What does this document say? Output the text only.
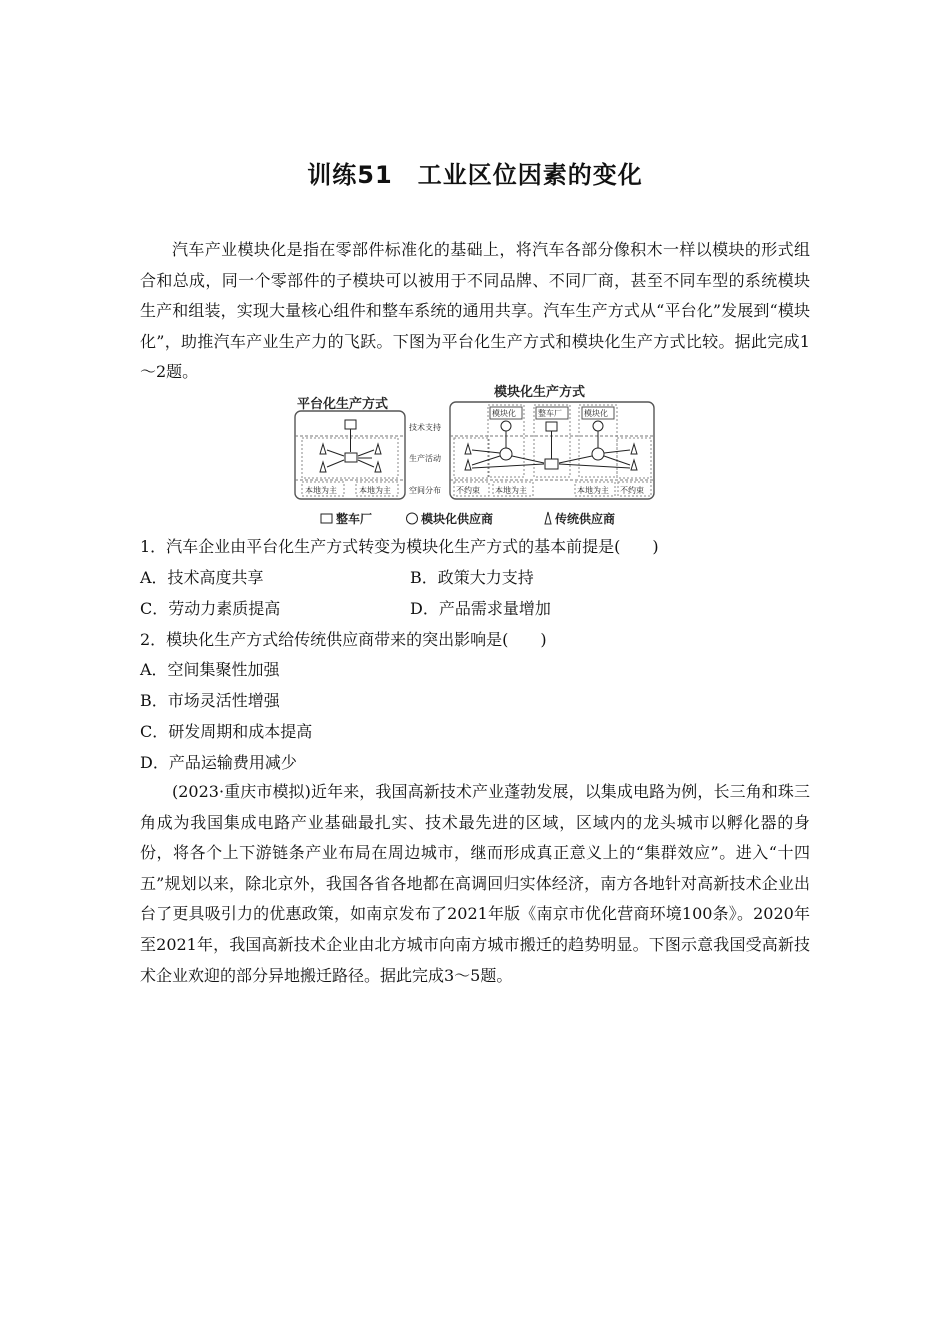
训练51　工业区位因素的变化

汽车产业模块化是指在零部件标准化的基础上，将汽车各部分像积木一样以模块的形式组合和总成，同一个零部件的子模块可以被用于不同品牌、不同厂商，甚至不同车型的系统模块生产和组装，实现大量核心组件和整车系统的通用共享。汽车生产方式从“平台化”发展到“模块化”，助推汽车产业生产力的飞跃。下图为平台化生产方式和模块化生产方式比较。据此完成1～2题。

平台化生产方式
模块化生产方式
技术支持
生产活动
空间分布
本地为主	本地为主
模块化	整车厂	模块化
不约束 本地为主	本地为主 不约束
整车厂	模块化供应商	传统供应商
1．汽车企业由平台化生产方式转变为模块化生产方式的基本前提是(　　)
A．技术高度共享	B．政策大力支持
C．劳动力素质提高	D．产品需求量增加
2．模块化生产方式给传统供应商带来的突出影响是(　　)
A．空间集聚性加强
B．市场灵活性增强
C．研发周期和成本提高
D．产品运输费用减少

(2023·重庆市模拟)近年来，我国高新技术产业蓬勃发展，以集成电路为例，长三角和珠三角成为我国集成电路产业基础最扎实、技术最先进的区域，区域内的龙头城市以孵化器的身份，将各个上下游链条产业布局在周边城市，继而形成真正意义上的“集群效应”。进入“十四五”规划以来，除北京外，我国各省各地都在高调回归实体经济，南方各地针对高新技术企业出台了更具吸引力的优惠政策，如南京发布了2021年版《南京市优化营商环境100条》。2020年至2021年，我国高新技术企业由北方城市向南方城市搬迁的趋势明显。下图示意我国受高新技术企业欢迎的部分异地搬迁路径。据此完成3～5题。
